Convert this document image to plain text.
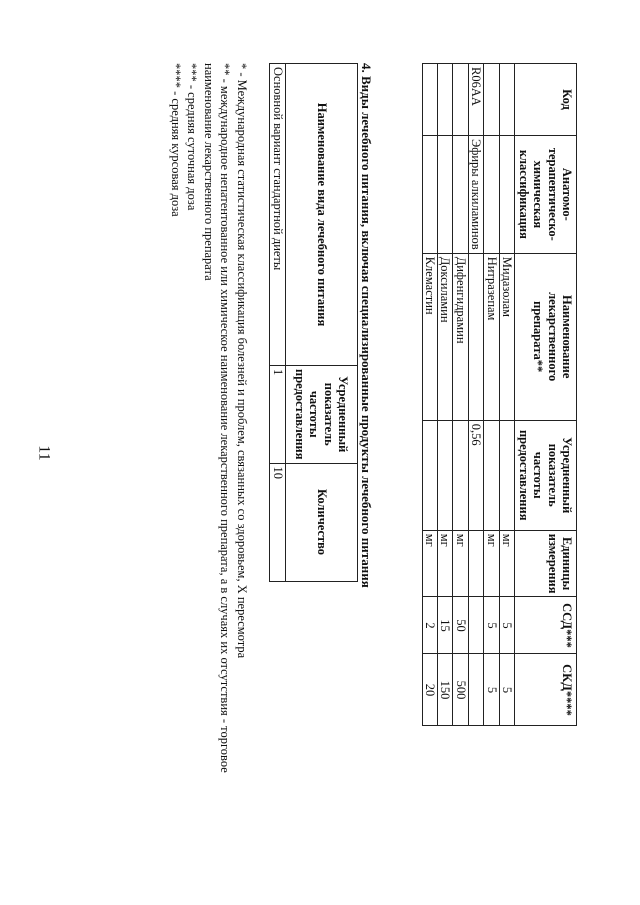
11
Код	Анатомо-терапевтическо-химическая классификация	Наименование лекарственного препарата**	Усредненный показатель частоты предоставления	Единицы измерения	ССД***	СКД****
		Мидазолам		мг	5	5
		Нитразепам		мг	5	5
R06AA	Эфиры алкиламинов		0,56			
		Дифенгидрамин		мг	50	500
		Доксиламин		мг	15	150
		Клемастин		мг	2	20
4. Виды лечебного питания, включая специализированные продукты лечебного питания
Наименование вида лечебного питания	Усредненный показатель частоты предоставления	Количество
Основной вариант стандартной диеты	1	10

* - Международная статистическая классификация болезней и проблем, связанных со здоровьем, X пересмотра

** - международное непатентованное или химическое наименование лекарственного препарата, а в случаях их отсутствия - торговое наименование лекарственного препарата

*** - средняя суточная доза

**** - средняя курсовая доза
